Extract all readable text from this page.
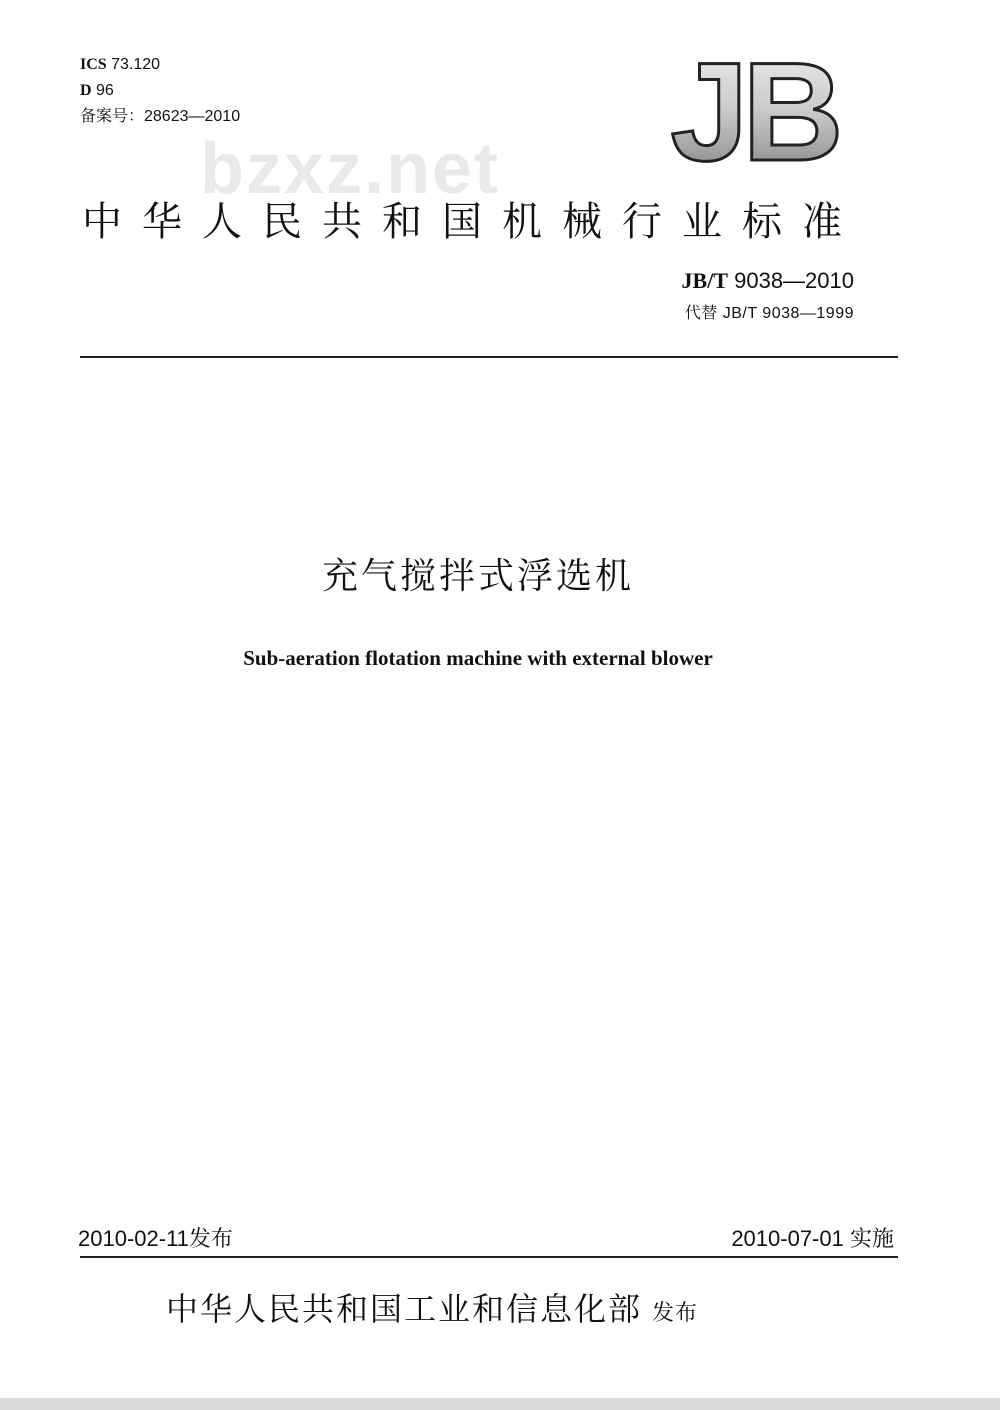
ICS 73.120
D 96
备案号：28623—2010	JB
bzxz.net
中华人民共和国机械行业标准
JB/T 9038—2010
代替 JB/T 9038—1999
充气搅拌式浮选机
Sub-aeration flotation machine with external blower
2010-02-11发布	2010-07-01 实施
中华人民共和国工业和信息化部 发布
